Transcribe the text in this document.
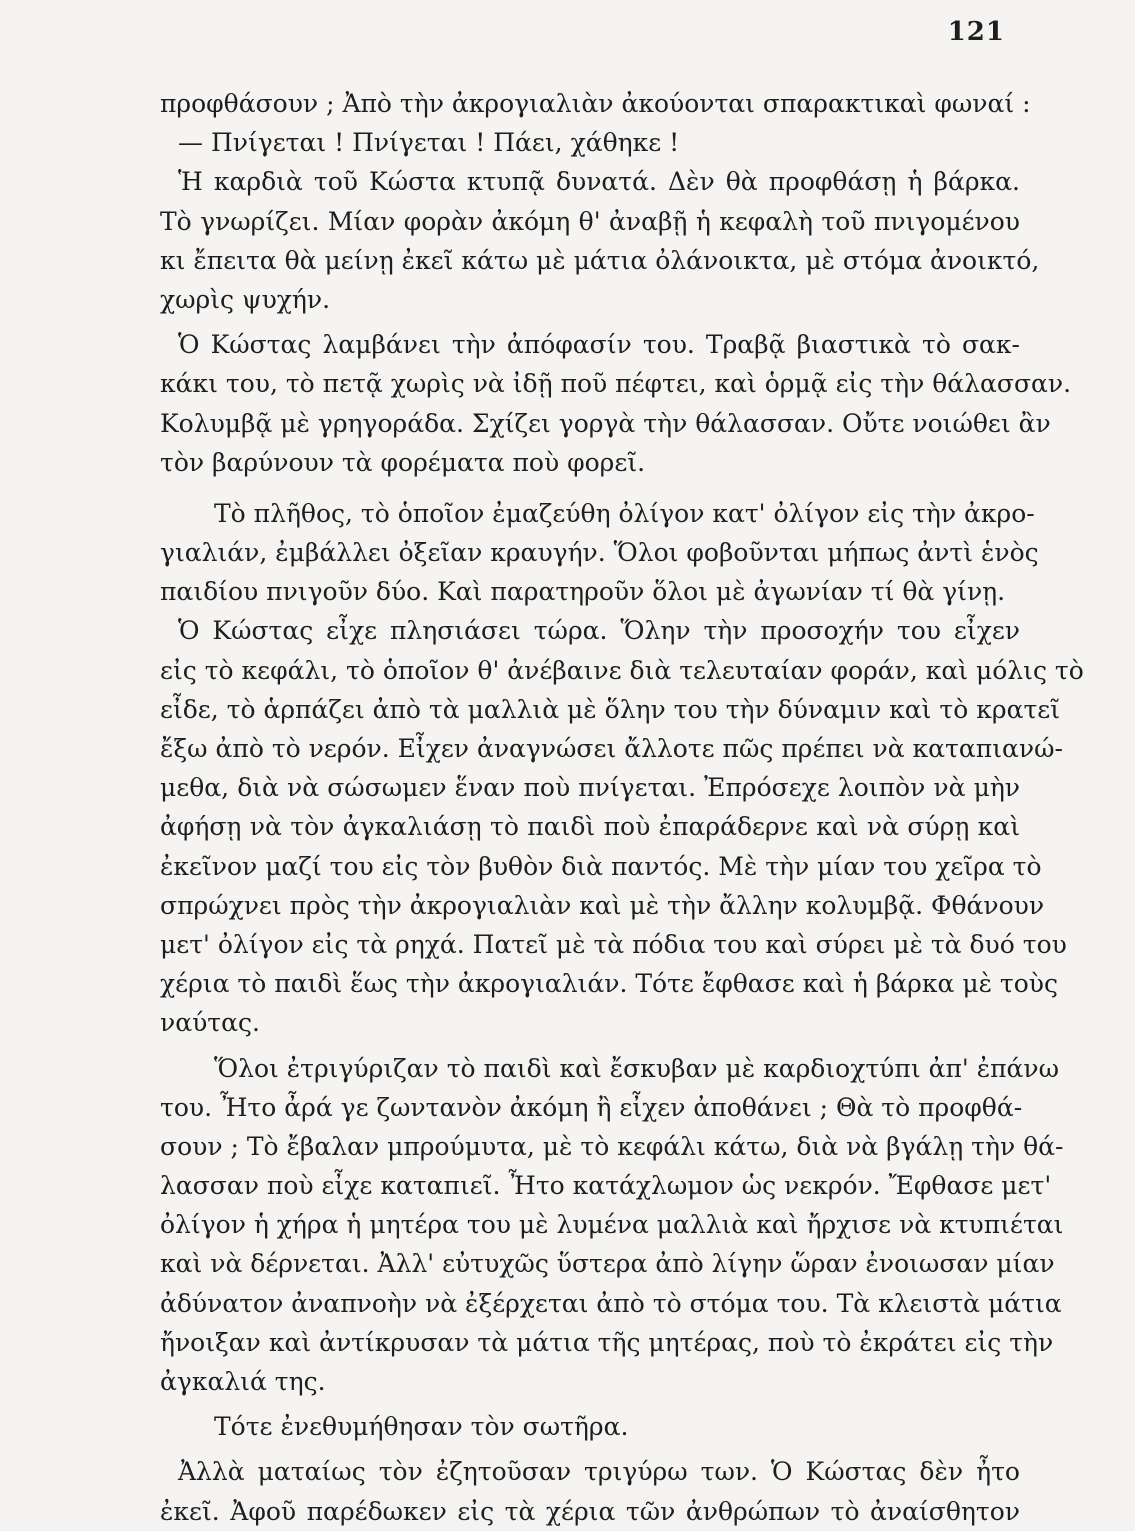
121
προφθάσουν ; Ἀπὸ τὴν ἀκρογιαλιὰν ἀκούονται σπαρακτικαὶ φωναί :
— Πνίγεται ! Πνίγεται ! Πάει, χάθηκε !
Ἡ καρδιὰ τοῦ Κώστα κτυπᾷ δυνατά. Δὲν θὰ προφθάσῃ ἡ βάρκα.
Τὸ γνωρίζει. Μίαν φορὰν ἀκόμη θ' ἀναβῇ ἡ κεφαλὴ τοῦ πνιγομένου
κι ἔπειτα θὰ μείνῃ ἐκεῖ κάτω μὲ μάτια ὀλάνοικτα, μὲ στόμα ἀνοικτό,
χωρὶς ψυχήν.
Ὁ Κώστας λαμβάνει τὴν ἀπόφασίν του. Τραβᾷ βιαστικὰ τὸ σακ-
κάκι του, τὸ πετᾷ χωρὶς νὰ ἰδῇ ποῦ πέφτει, καὶ ὁρμᾷ εἰς τὴν θάλασσαν.
Κολυμβᾷ μὲ γρηγοράδα. Σχίζει γοργὰ τὴν θάλασσαν. Οὔτε νοιώθει ἂν
τὸν βαρύνουν τὰ φορέματα ποὺ φορεῖ.
Τὸ πλῆθος, τὸ ὁποῖον ἐμαζεύθη ὀλίγον κατ' ὀλίγον εἰς τὴν ἀκρο-
γιαλιάν, ἐμβάλλει ὀξεῖαν κραυγήν. Ὅλοι φοβοῦνται μήπως ἀντὶ ἑνὸς
παιδίου πνιγοῦν δύο. Καὶ παρατηροῦν ὅλοι μὲ ἀγωνίαν τί θὰ γίνῃ.
Ὁ Κώστας εἶχε πλησιάσει τώρα. Ὅλην τὴν προσοχήν του εἶχεν
εἰς τὸ κεφάλι, τὸ ὁποῖον θ' ἀνέβαινε διὰ τελευταίαν φοράν, καὶ μόλις τὸ
εἶδε, τὸ ἁρπάζει ἀπὸ τὰ μαλλιὰ μὲ ὅλην του τὴν δύναμιν καὶ τὸ κρατεῖ
ἔξω ἀπὸ τὸ νερόν. Εἶχεν ἀναγνώσει ἄλλοτε πῶς πρέπει νὰ καταπιανώ-
μεθα, διὰ νὰ σώσωμεν ἕναν ποὺ πνίγεται. Ἐπρόσεχε λοιπὸν νὰ μὴν
ἀφήσῃ νὰ τὸν ἀγκαλιάσῃ τὸ παιδὶ ποὺ ἐπαράδερνε καὶ νὰ σύρῃ καὶ
ἐκεῖνον μαζί του εἰς τὸν βυθὸν διὰ παντός. Μὲ τὴν μίαν του χεῖρα τὸ
σπρώχνει πρὸς τὴν ἀκρογιαλιὰν καὶ μὲ τὴν ἄλλην κολυμβᾷ. Φθάνουν
μετ' ὀλίγον εἰς τὰ ρηχά. Πατεῖ μὲ τὰ πόδια του καὶ σύρει μὲ τὰ δυό του
χέρια τὸ παιδὶ ἕως τὴν ἀκρογιαλιάν. Τότε ἔφθασε καὶ ἡ βάρκα μὲ τοὺς
ναύτας.
Ὅλοι ἐτριγύριζαν τὸ παιδὶ καὶ ἔσκυβαν μὲ καρδιοχτύπι ἀπ' ἐπάνω
του. Ἦτο ἆρά γε ζωντανὸν ἀκόμη ἢ εἶχεν ἀποθάνει ; Θὰ τὸ προφθά-
σουν ; Τὸ ἔβαλαν μπρούμυτα, μὲ τὸ κεφάλι κάτω, διὰ νὰ βγάλῃ τὴν θά-
λασσαν ποὺ εἶχε καταπιεῖ. Ἦτο κατάχλωμον ὡς νεκρόν. Ἔφθασε μετ'
ὀλίγον ἡ χήρα ἡ μητέρα του μὲ λυμένα μαλλιὰ καὶ ἤρχισε νὰ κτυπιέται
καὶ νὰ δέρνεται. Ἀλλ' εὐτυχῶς ὕστερα ἀπὸ λίγην ὥραν ἐνοιωσαν μίαν
ἀδύνατον ἀναπνοὴν νὰ ἐξέρχεται ἀπὸ τὸ στόμα του. Τὰ κλειστὰ μάτια
ἤνοιξαν καὶ ἀντίκρυσαν τὰ μάτια τῆς μητέρας, ποὺ τὸ ἐκράτει εἰς τὴν
ἀγκαλιά της.
Τότε ἐνεθυμήθησαν τὸν σωτῆρα.
Ἀλλὰ ματαίως τὸν ἐζητοῦσαν τριγύρω των. Ὁ Κώστας δὲν ἦτο
ἐκεῖ. Ἀφοῦ παρέδωκεν εἰς τὰ χέρια τῶν ἀνθρώπων τὸ ἀναίσθητον
